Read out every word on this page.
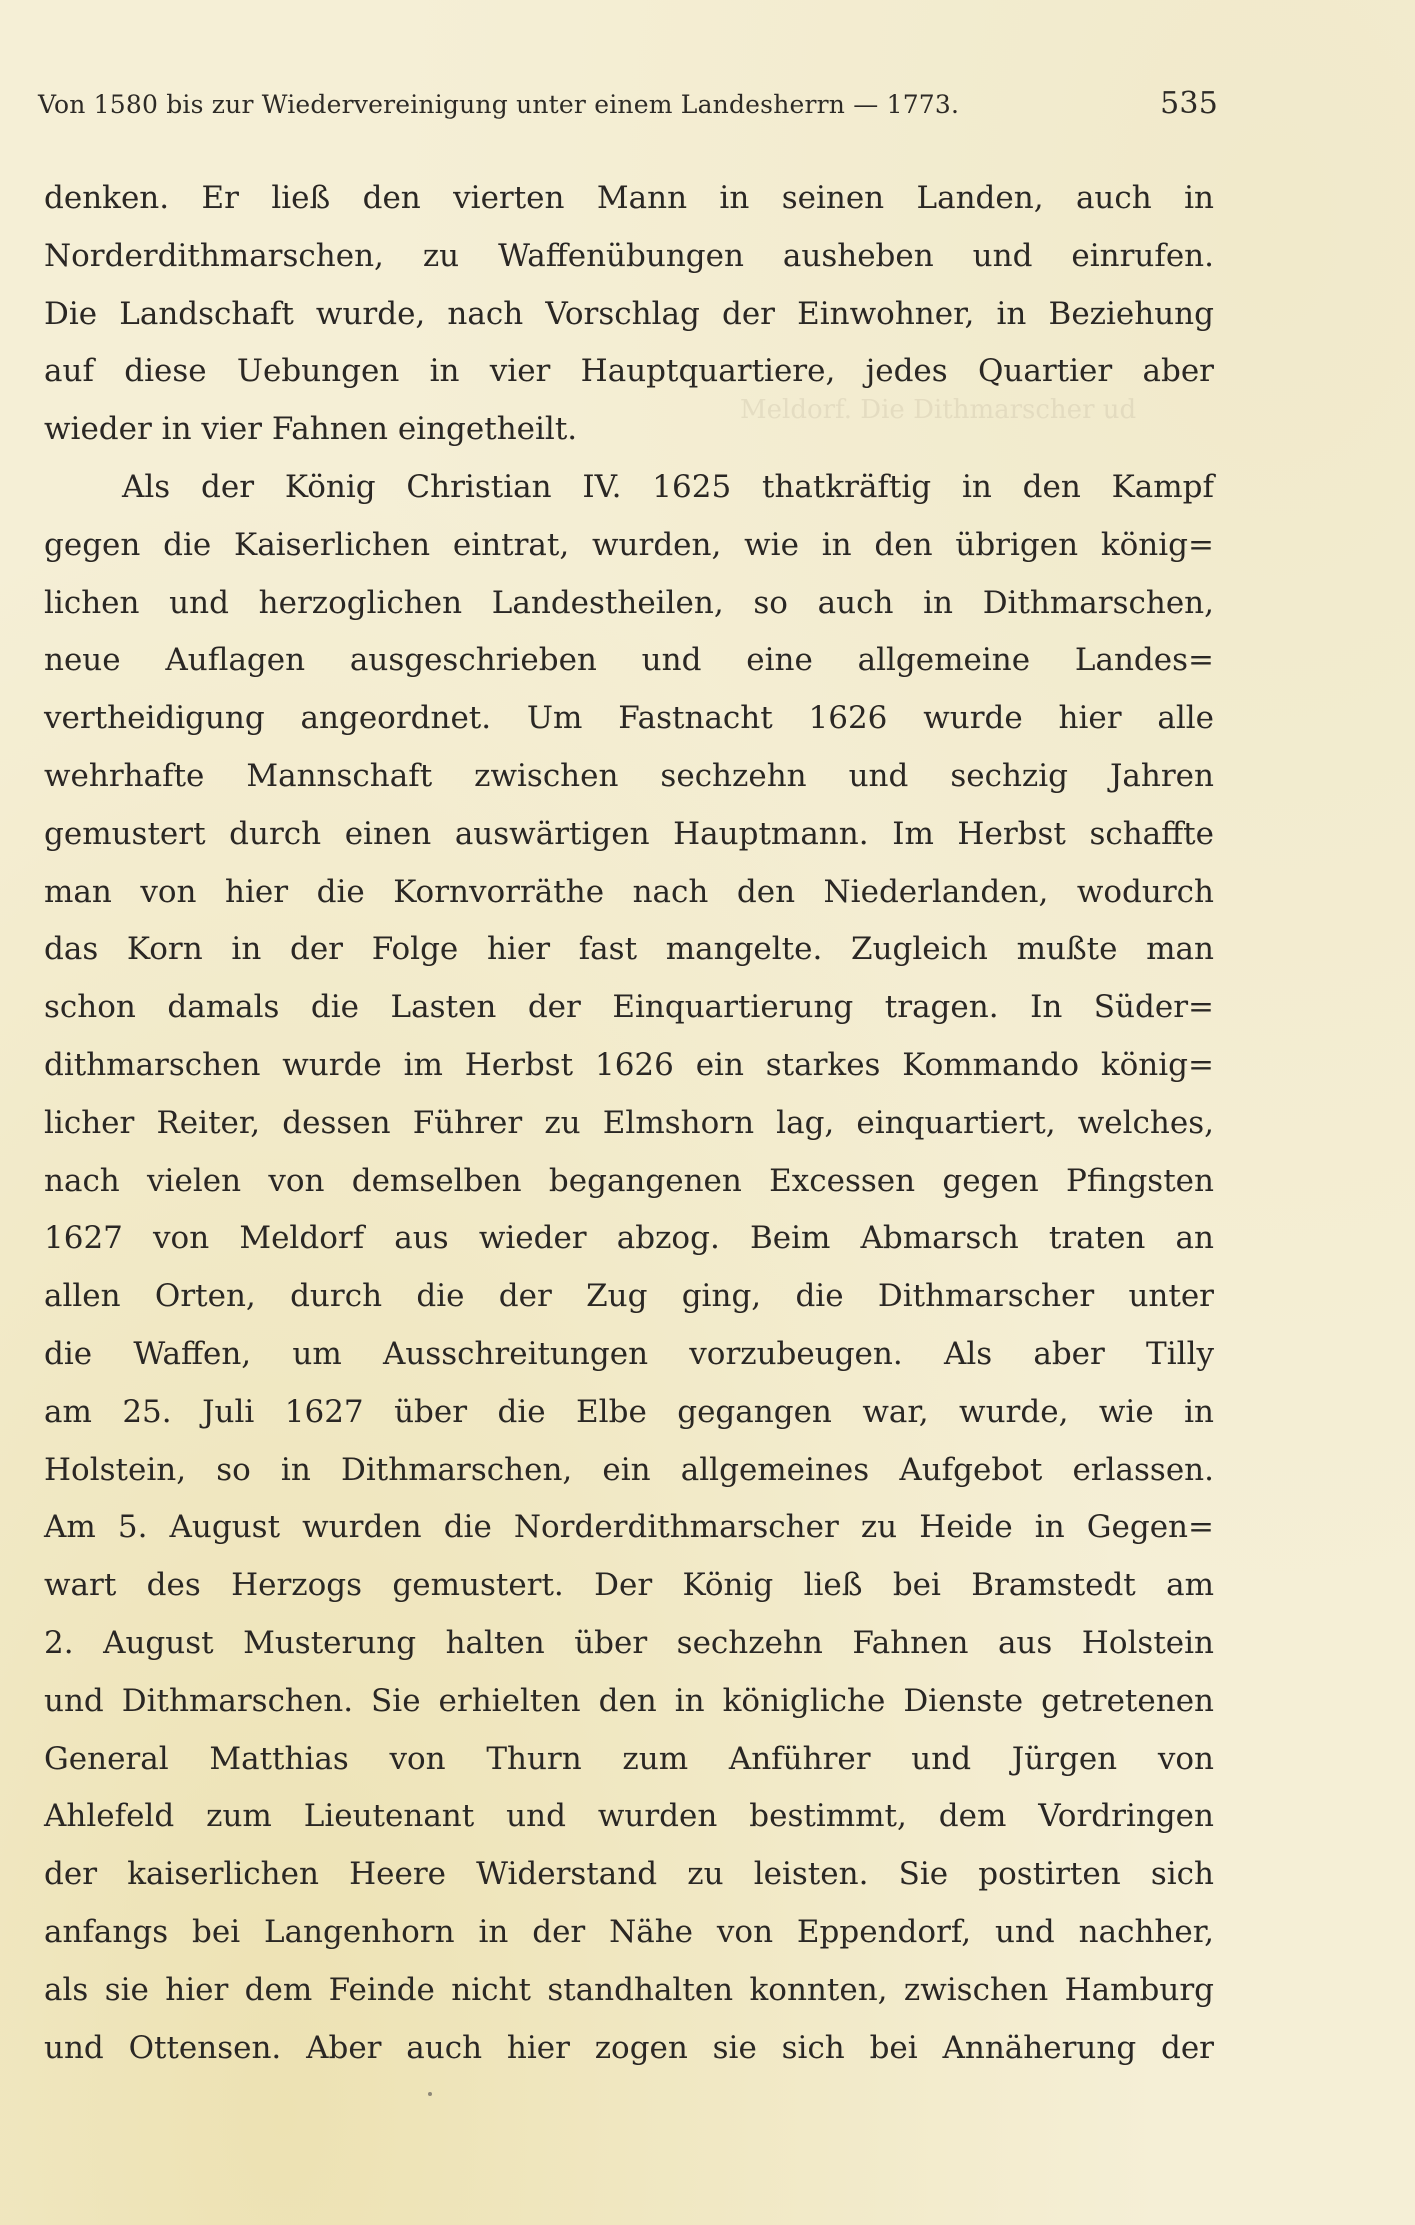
Von 1580 bis zur Wiedervereinigung unter einem Landesherrn — 1773.	535
Meldorf. Die Dithmarscher ud
denken. Er ließ den vierten Mann in seinen Landen, auch in
Norderdithmarschen, zu Waffenübungen ausheben und einrufen.
Die Landschaft wurde, nach Vorschlag der Einwohner, in Beziehung
auf diese Uebungen in vier Hauptquartiere, jedes Quartier aber
wieder in vier Fahnen eingetheilt.
Als der König Christian IV. 1625 thatkräftig in den Kampf
gegen die Kaiserlichen eintrat, wurden, wie in den übrigen könig=
lichen und herzoglichen Landestheilen, so auch in Dithmarschen,
neue Auflagen ausgeschrieben und eine allgemeine Landes=
vertheidigung angeordnet. Um Fastnacht 1626 wurde hier alle
wehrhafte Mannschaft zwischen sechzehn und sechzig Jahren
gemustert durch einen auswärtigen Hauptmann. Im Herbst schaffte
man von hier die Kornvorräthe nach den Niederlanden, wodurch
das Korn in der Folge hier fast mangelte. Zugleich mußte man
schon damals die Lasten der Einquartierung tragen. In Süder=
dithmarschen wurde im Herbst 1626 ein starkes Kommando könig=
licher Reiter, dessen Führer zu Elmshorn lag, einquartiert, welches,
nach vielen von demselben begangenen Excessen gegen Pfingsten
1627 von Meldorf aus wieder abzog. Beim Abmarsch traten an
allen Orten, durch die der Zug ging, die Dithmarscher unter
die Waffen, um Ausschreitungen vorzubeugen. Als aber Tilly
am 25. Juli 1627 über die Elbe gegangen war, wurde, wie in
Holstein, so in Dithmarschen, ein allgemeines Aufgebot erlassen.
Am 5. August wurden die Norderdithmarscher zu Heide in Gegen=
wart des Herzogs gemustert. Der König ließ bei Bramstedt am
2. August Musterung halten über sechzehn Fahnen aus Holstein
und Dithmarschen. Sie erhielten den in königliche Dienste getretenen
General Matthias von Thurn zum Anführer und Jürgen von
Ahlefeld zum Lieutenant und wurden bestimmt, dem Vordringen
der kaiserlichen Heere Widerstand zu leisten. Sie postirten sich
anfangs bei Langenhorn in der Nähe von Eppendorf, und nachher,
als sie hier dem Feinde nicht standhalten konnten, zwischen Hamburg
und Ottensen. Aber auch hier zogen sie sich bei Annäherung der
